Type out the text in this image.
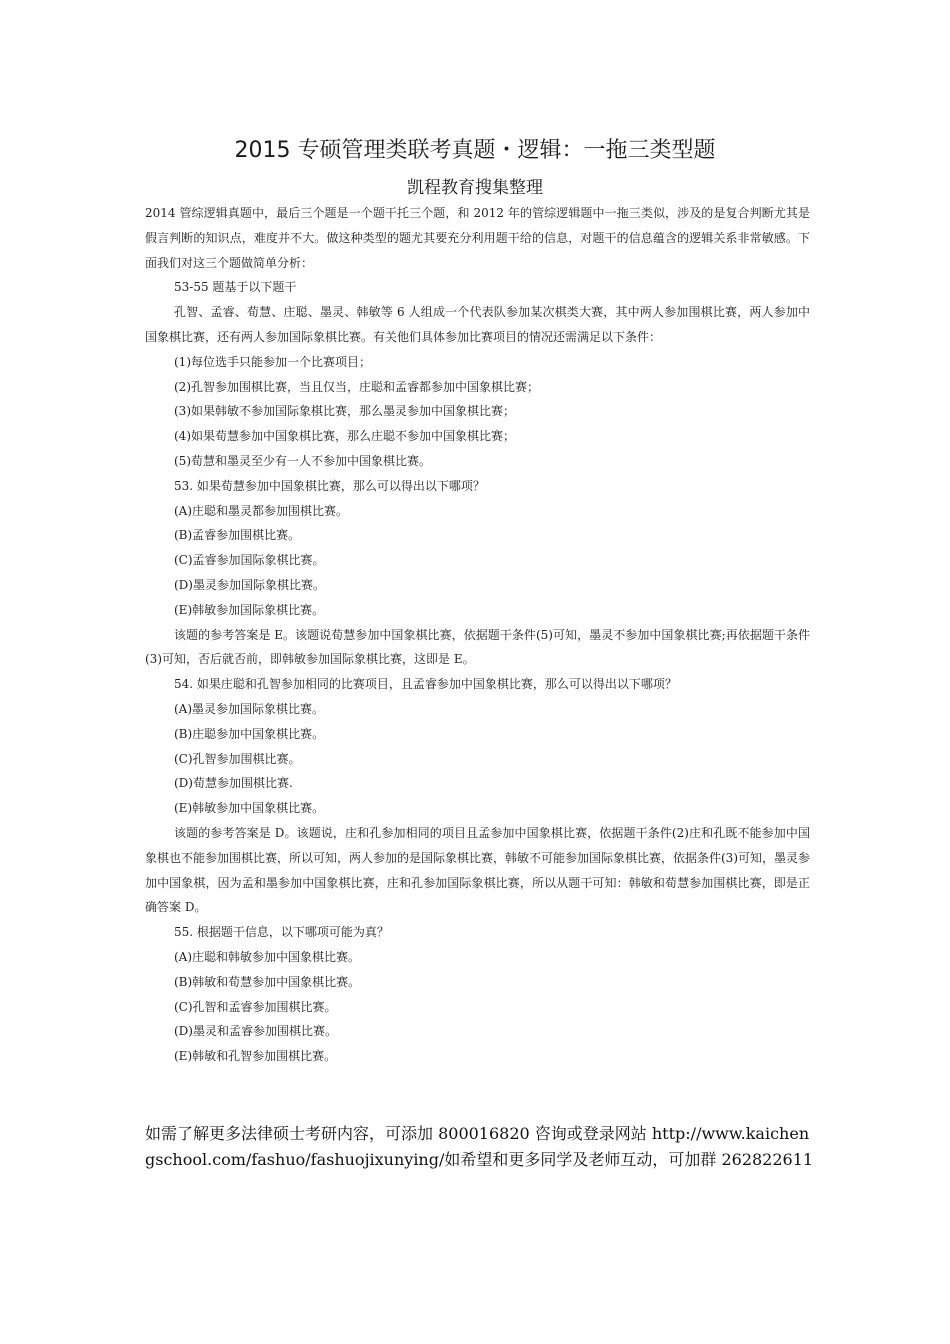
2015 专硕管理类联考真题・逻辑：一拖三类型题
凯程教育搜集整理

2014 管综逻辑真题中，最后三个题是一个题干托三个题，和 2012 年的管综逻辑题中一拖三类似，涉及的是复合判断尤其是假言判断的知识点，难度并不大。做这种类型的题尤其要充分利用题干给的信息，对题干的信息蕴含的逻辑关系非常敏感。下面我们对这三个题做简单分析：

53-55 题基于以下题干

孔智、孟睿、荀慧、庄聪、墨灵、韩敏等 6 人组成一个代表队参加某次棋类大赛，其中两人参加围棋比赛，两人参加中国象棋比赛，还有两人参加国际象棋比赛。有关他们具体参加比赛项目的情况还需满足以下条件：

(1)每位选手只能参加一个比赛项目；

(2)孔智参加围棋比赛，当且仅当，庄聪和孟睿都参加中国象棋比赛；

(3)如果韩敏不参加国际象棋比赛，那么墨灵参加中国象棋比赛；

(4)如果荀慧参加中国象棋比赛，那么庄聪不参加中国象棋比赛；

(5)荀慧和墨灵至少有一人不参加中国象棋比赛。

53. 如果荀慧参加中国象棋比赛，那么可以得出以下哪项？

(A)庄聪和墨灵都参加围棋比赛。

(B)孟睿参加围棋比赛。

(C)孟睿参加国际象棋比赛。

(D)墨灵参加国际象棋比赛。

(E)韩敏参加国际象棋比赛。

该题的参考答案是 E。该题说荀慧参加中国象棋比赛，依据题干条件(5)可知，墨灵不参加中国象棋比赛;再依据题干条件(3)可知，否后就否前，即韩敏参加国际象棋比赛，这即是 E。

54. 如果庄聪和孔智参加相同的比赛项目，且孟睿参加中国象棋比赛，那么可以得出以下哪项？

(A)墨灵参加国际象棋比赛。

(B)庄聪参加中国象棋比赛。

(C)孔智参加围棋比赛。

(D)荀慧参加围棋比赛.

(E)韩敏参加中国象棋比赛。

该题的参考答案是 D。该题说，庄和孔参加相同的项目且孟参加中国象棋比赛，依据题干条件(2)庄和孔既不能参加中国象棋也不能参加围棋比赛，所以可知，两人参加的是国际象棋比赛，韩敏不可能参加国际象棋比赛，依据条件(3)可知，墨灵参加中国象棋，因为孟和墨参加中国象棋比赛，庄和孔参加国际象棋比赛，所以从题干可知：韩敏和荀慧参加围棋比赛，即是正确答案 D。

55. 根据题干信息，以下哪项可能为真？

(A)庄聪和韩敏参加中国象棋比赛。

(B)韩敏和荀慧参加中国象棋比赛。

(C)孔智和孟睿参加围棋比赛。

(D)墨灵和孟睿参加围棋比赛。

(E)韩敏和孔智参加围棋比赛。

如需了解更多法律硕士考研内容，可添加 800016820 咨询或登录网站 http://www.kaichengschool.com/fashuo/fashuojixunying/如希望和更多同学及老师互动，可加群 262822611
